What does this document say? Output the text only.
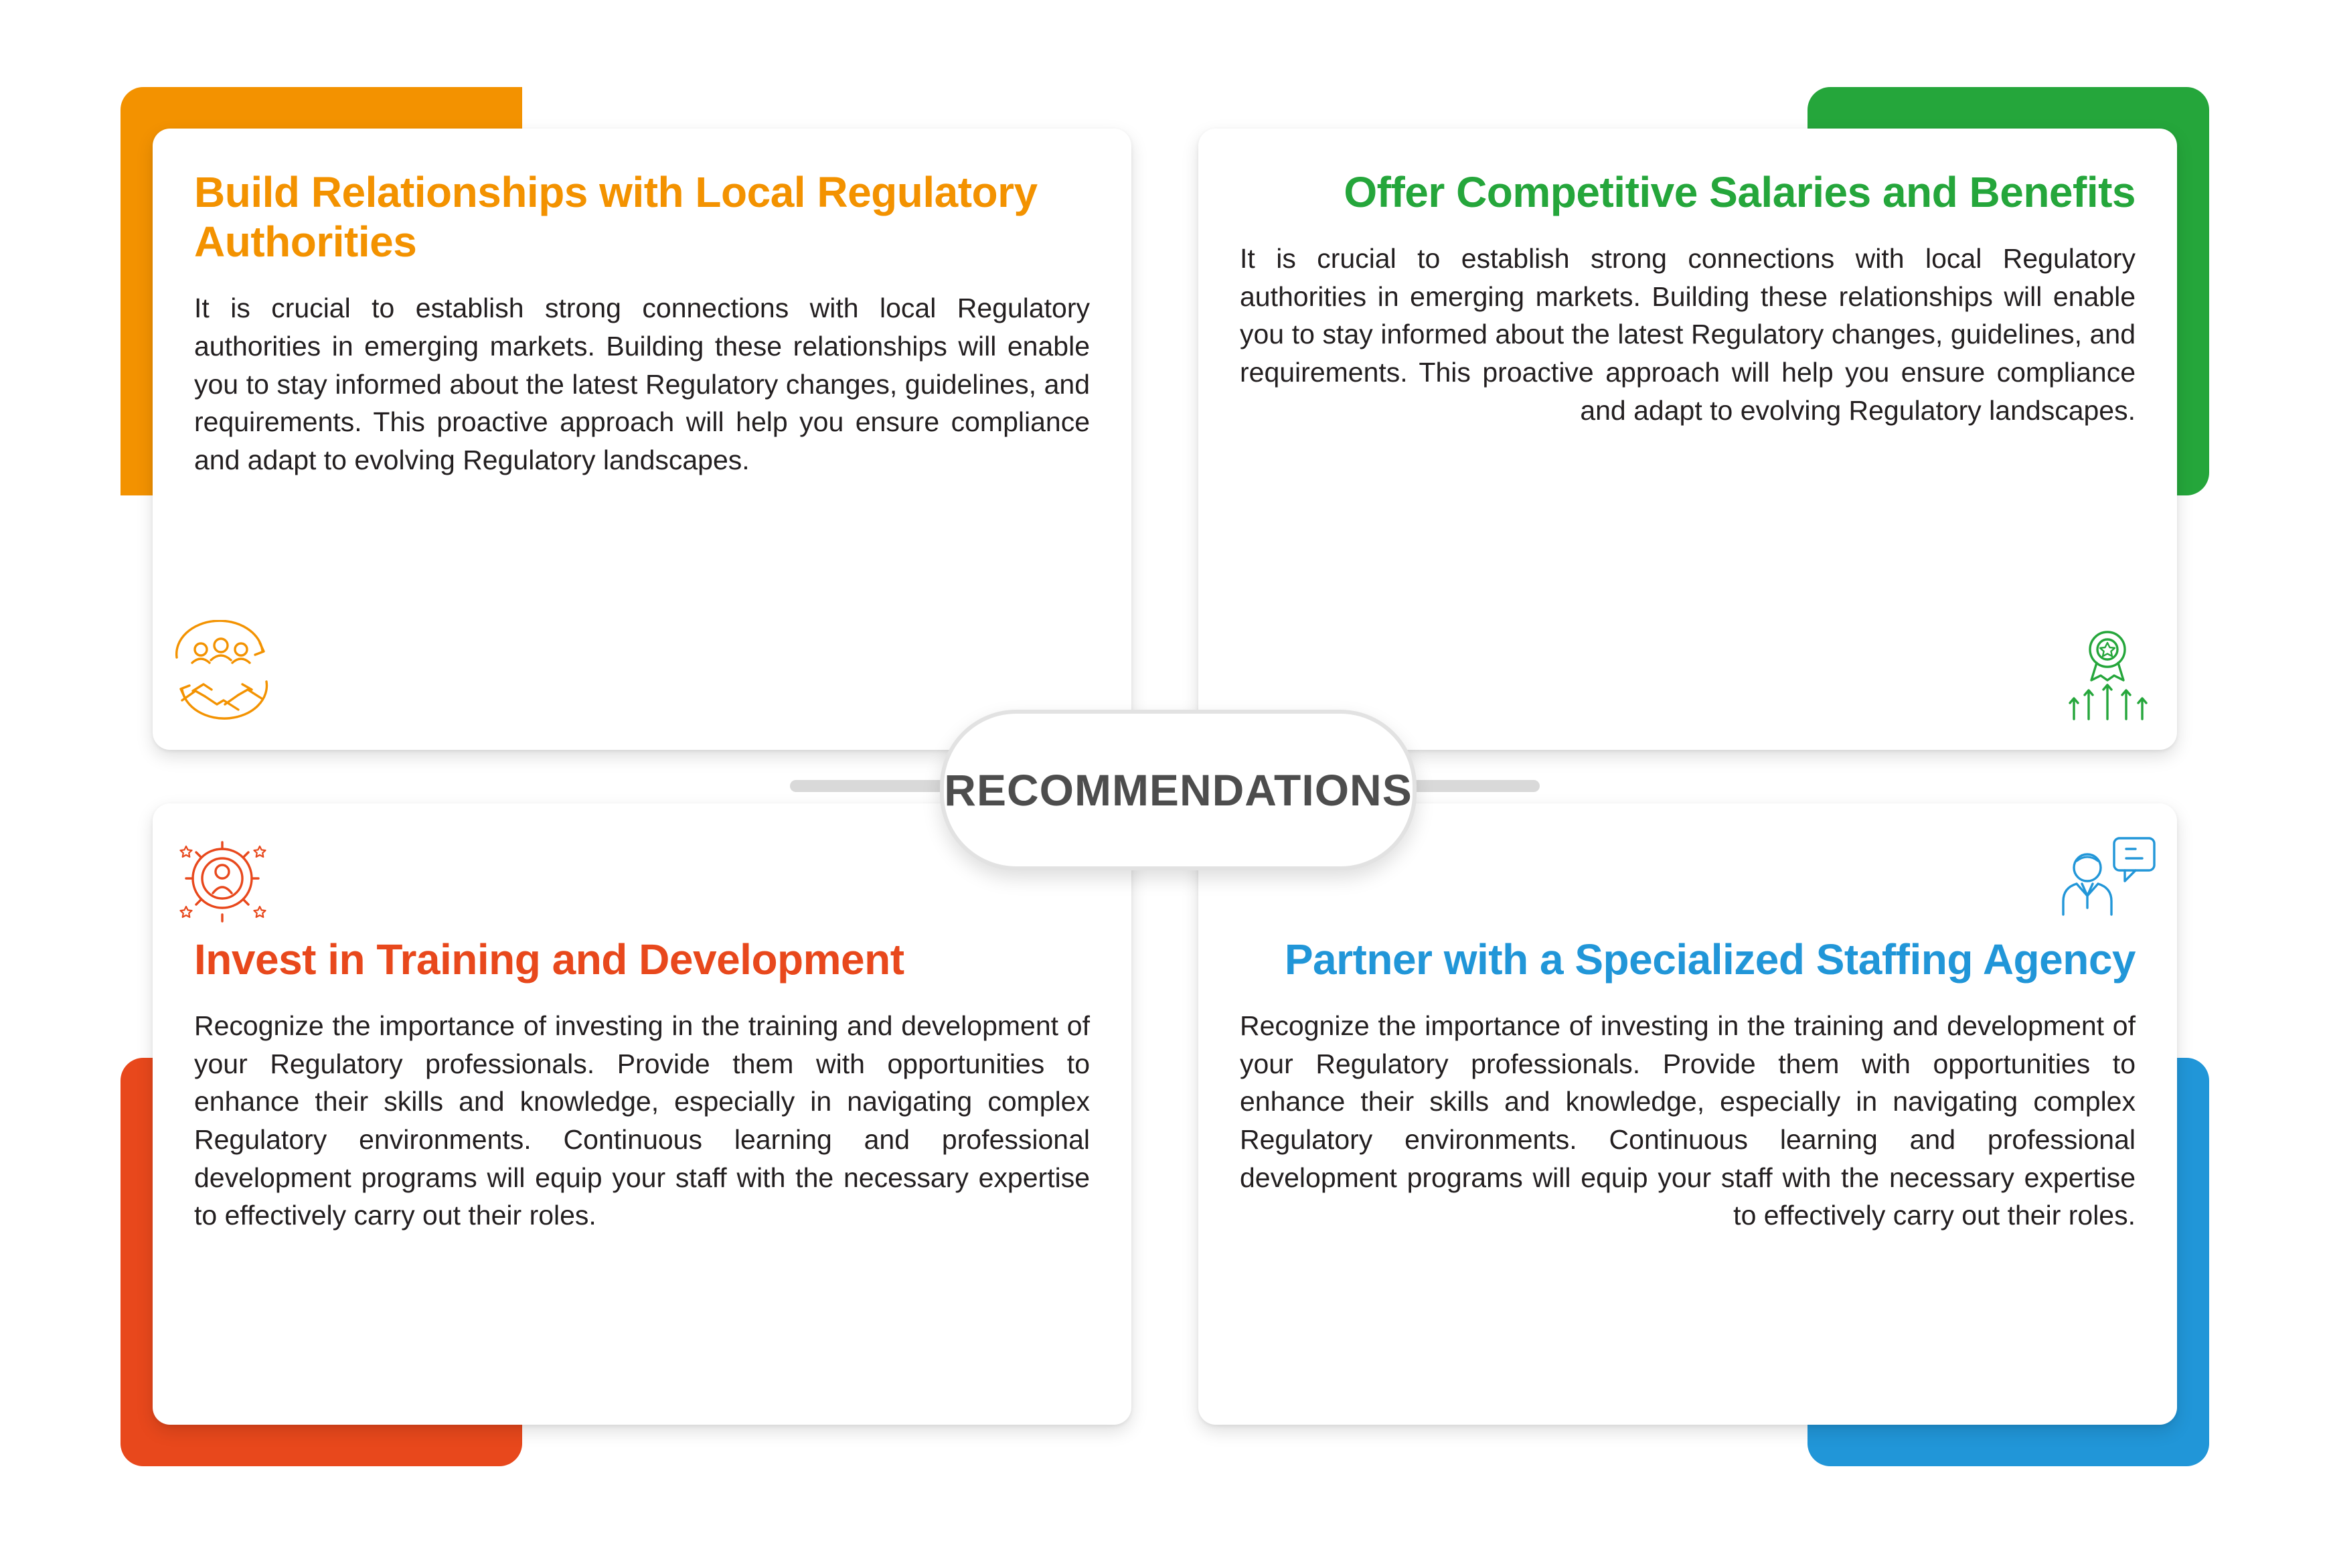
Build Relationships with Local Regulatory Authorities

It is crucial to establish strong connections with local Regulatory authorities in emerging markets. Building these relationships will enable you to stay informed about the latest Regulatory changes, guidelines, and requirements. This proactive approach will help you ensure compliance and adapt to evolving Regulatory landscapes.

Offer Competitive Salaries and Benefits

It is crucial to establish strong connections with local Regulatory authorities in emerging markets. Building these relationships will enable you to stay informed about the latest Regulatory changes, guidelines, and requirements. This proactive approach will help you ensure compliance and adapt to evolving Regulatory landscapes.

Invest in Training and Development

Recognize the importance of investing in the training and development of your Regulatory professionals. Provide them with opportunities to enhance their skills and knowledge, especially in navigating complex Regulatory environments. Continuous learning and professional development programs will equip your staff with the necessary expertise to effectively carry out their roles.

Partner with a Specialized Staffing Agency

Recognize the importance of investing in the training and development of your Regulatory professionals. Provide them with opportunities to enhance their skills and knowledge, especially in navigating complex Regulatory environments. Continuous learning and professional development programs will equip your staff with the necessary expertise to effectively carry out their roles.

RECOMMENDATIONS
